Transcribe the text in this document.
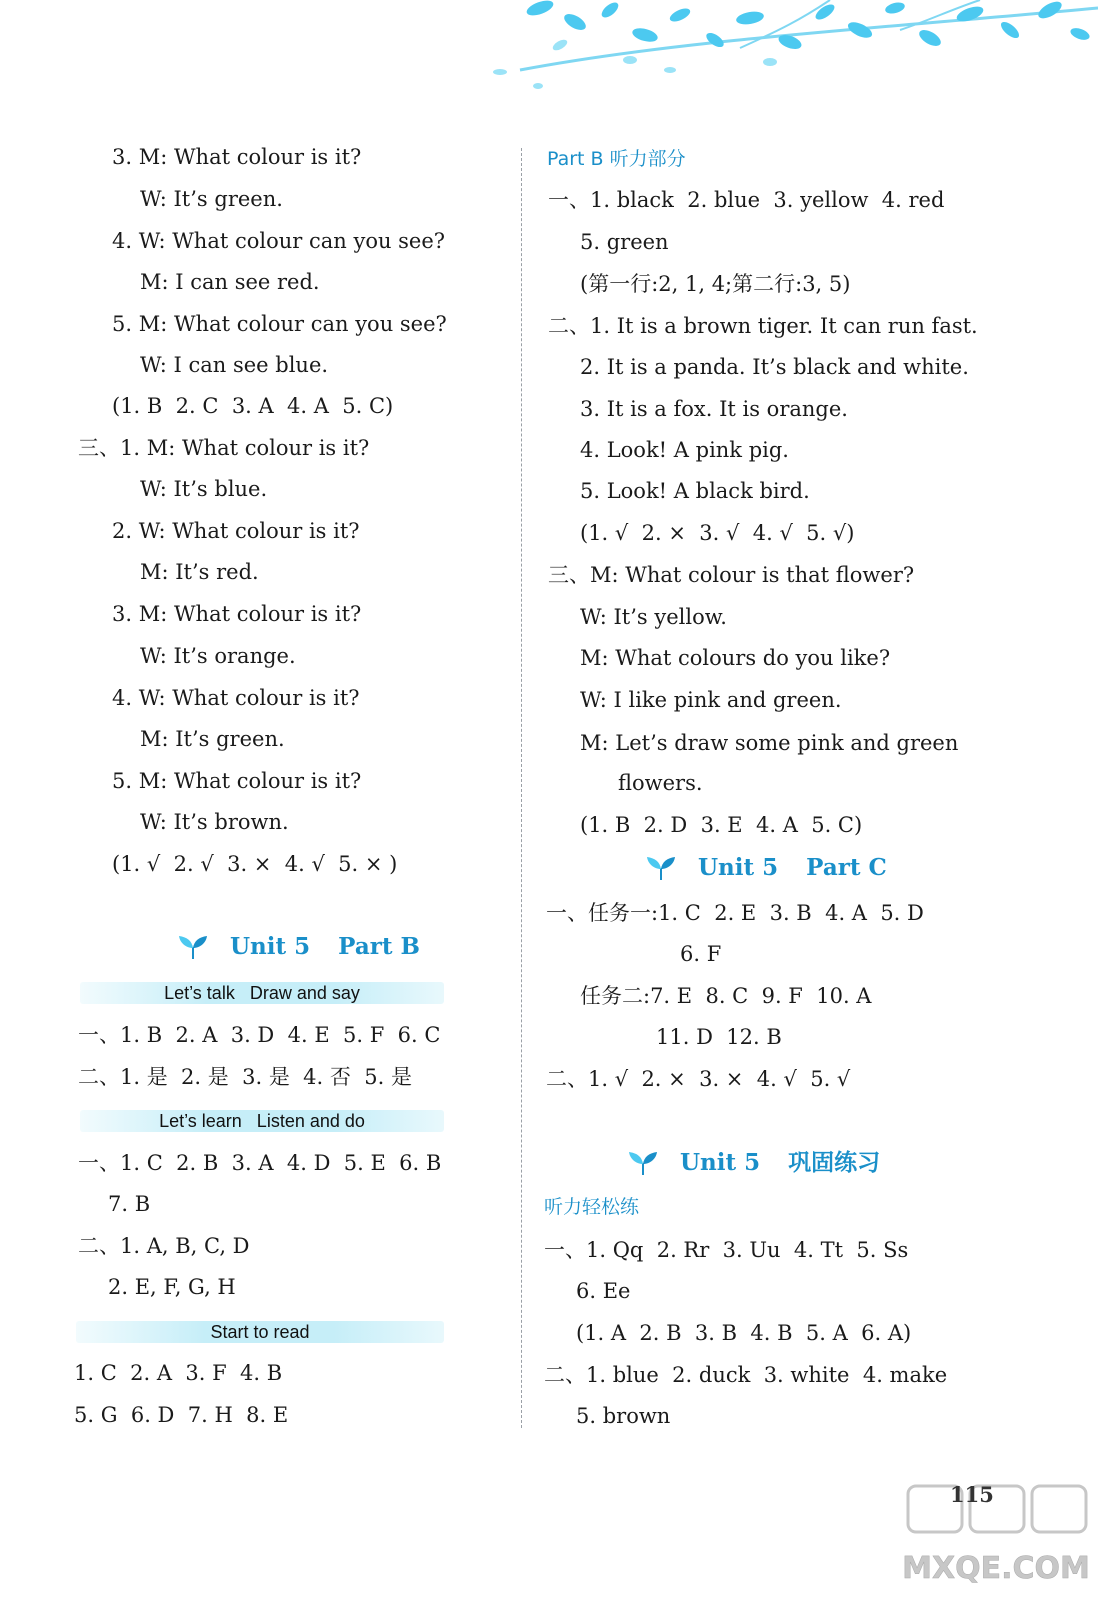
3. M: What colour is it?
W: It’s green.
4. W: What colour can you see?
M: I can see red.
5. M: What colour can you see?
W: I can see blue.
(1. B  2. C  3. A  4. A  5. C)
三、1. M: What colour is it?
W: It’s blue.
2. W: What colour is it?
M: It’s red.
3. M: What colour is it?
W: It’s orange.
4. W: What colour is it?
M: It’s green.
5. M: What colour is it?
W: It’s brown.
(1. √  2. √  3. ×  4. √  5. × )
Unit 5 Part B
Let’s talk   Draw and say
一、1. B  2. A  3. D  4. E  5. F  6. C
二、1. 是  2. 是  3. 是  4. 否  5. 是
Let’s learn   Listen and do
一、1. C  2. B  3. A  4. D  5. E  6. B
7. B
二、1. A, B, C, D
2. E, F, G, H
Start to read
1. C  2. A  3. F  4. B
5. G  6. D  7. H  8. E
Part B 听力部分
一、1. black  2. blue  3. yellow  4. red
5. green
(第一行:2, 1, 4;第二行:3, 5)
二、1. It is a brown tiger. It can run fast.
2. It is a panda. It’s black and white.
3. It is a fox. It is orange.
4. Look! A pink pig.
5. Look! A black bird.
(1. √  2. ×  3. √  4. √  5. √)
三、M: What colour is that flower?
W: It’s yellow.
M: What colours do you like?
W: I like pink and green.
M: Let’s draw some pink and green
flowers.
(1. B  2. D  3. E  4. A  5. C)
Unit 5 Part C
一、任务一:1. C  2. E  3. B  4. A  5. D
6. F
任务二:7. E  8. C  9. F  10. A
11. D  12. B
二、1. √  2. ×  3. ×  4. √  5. √
Unit 5 巩固练习
听力轻松练
一、1. Qq  2. Rr  3. Uu  4. Tt  5. Ss
6. Ee
(1. A  2. B  3. B  4. B  5. A  6. A)
二、1. blue  2. duck  3. white  4. make
5. brown
MXQE.COM
115
